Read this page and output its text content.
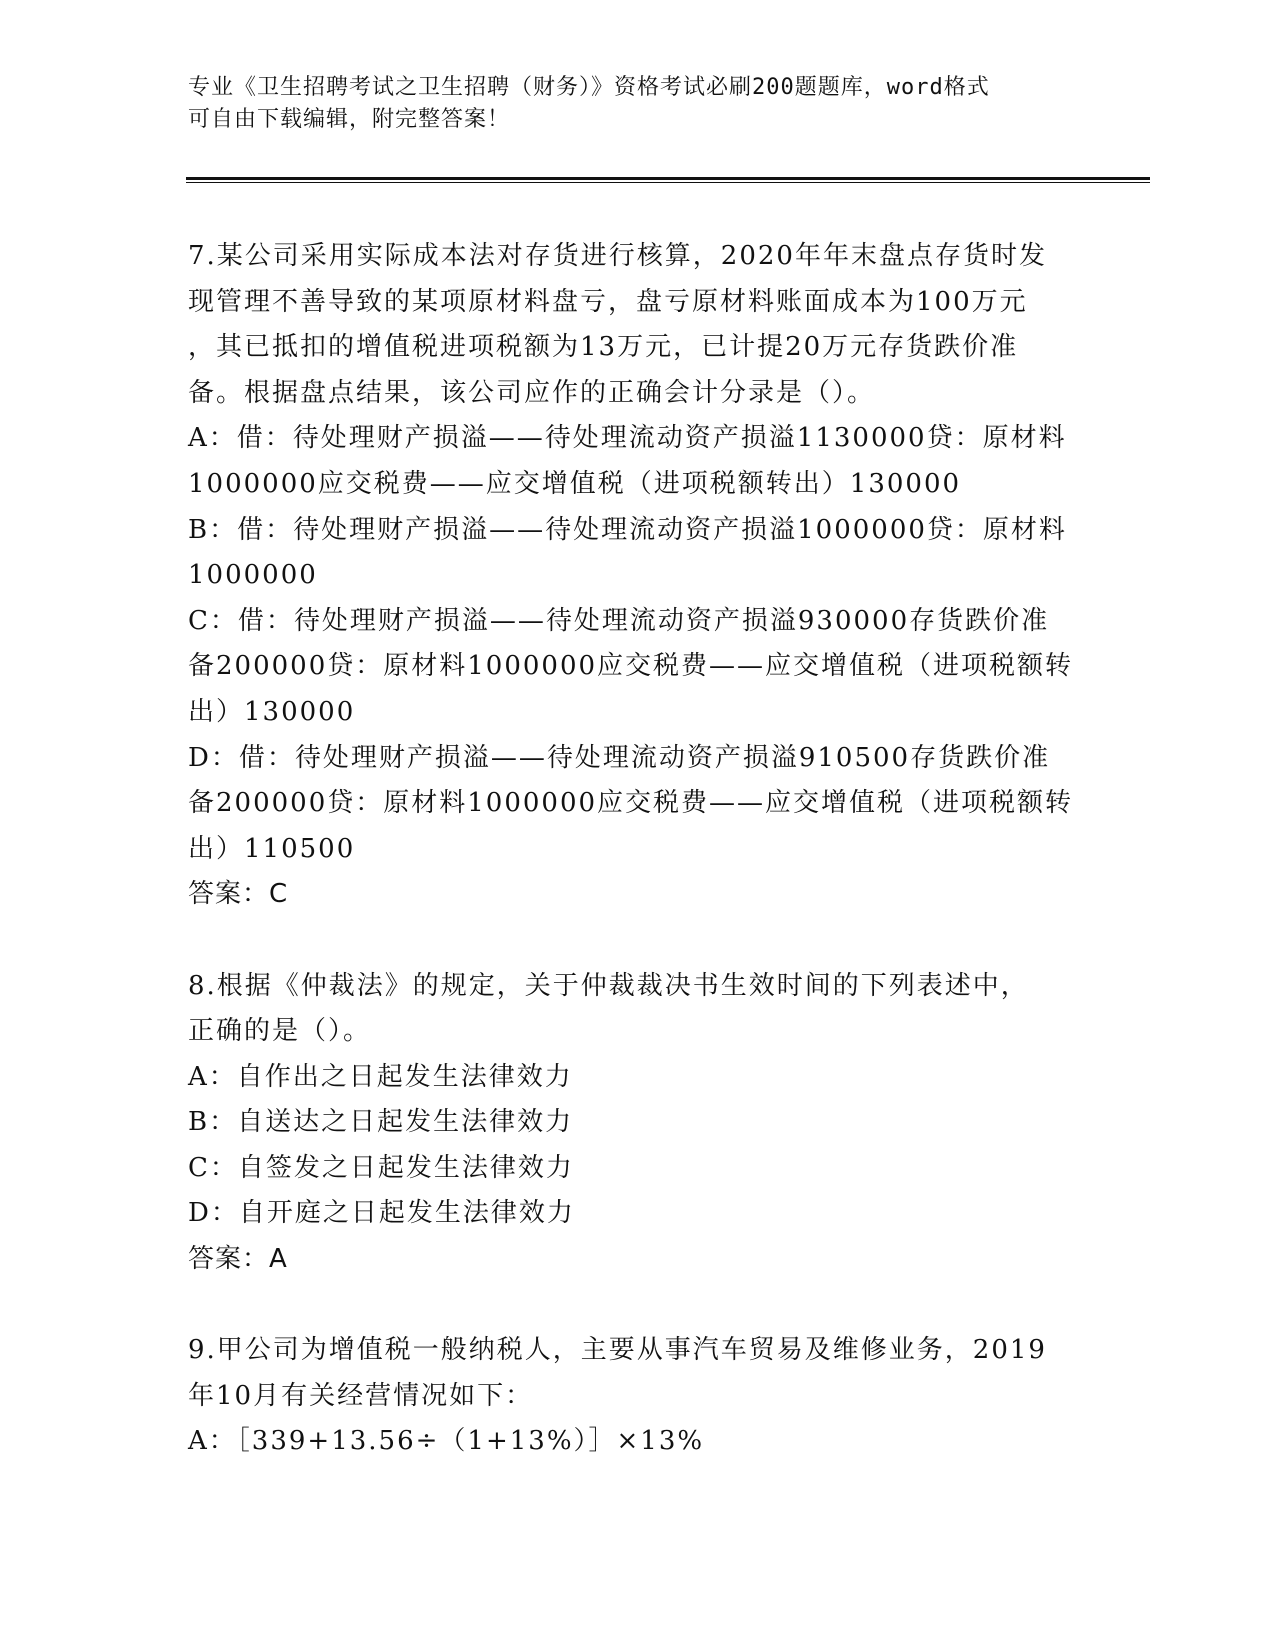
专业《卫生招聘考试之卫生招聘（财务）》资格考试必刷200题题库，word格式

可自由下载编辑，附完整答案！

7.某公司采用实际成本法对存货进行核算，2020年年末盘点存货时发

现管理不善导致的某项原材料盘亏，盘亏原材料账面成本为100万元

，其已抵扣的增值税进项税额为13万元，已计提20万元存货跌价准

备。根据盘点结果，该公司应作的正确会计分录是（）。

A：借：待处理财产损溢——待处理流动资产损溢1130000贷：原材料

1000000应交税费——应交增值税（进项税额转出）130000

B：借：待处理财产损溢——待处理流动资产损溢1000000贷：原材料

1000000

C：借：待处理财产损溢——待处理流动资产损溢930000存货跌价准

备200000贷：原材料1000000应交税费——应交增值税（进项税额转

出）130000

D：借：待处理财产损溢——待处理流动资产损溢910500存货跌价准

备200000贷：原材料1000000应交税费——应交增值税（进项税额转

出）110500

答案：C

8.根据《仲裁法》的规定，关于仲裁裁决书生效时间的下列表述中，

正确的是（）。

A：自作出之日起发生法律效力

B：自送达之日起发生法律效力

C：自签发之日起发生法律效力

D：自开庭之日起发生法律效力

答案：A

9.甲公司为增值税一般纳税人，主要从事汽车贸易及维修业务，2019

年10月有关经营情况如下：

A：［339+13.56÷（1+13%）］×13%
